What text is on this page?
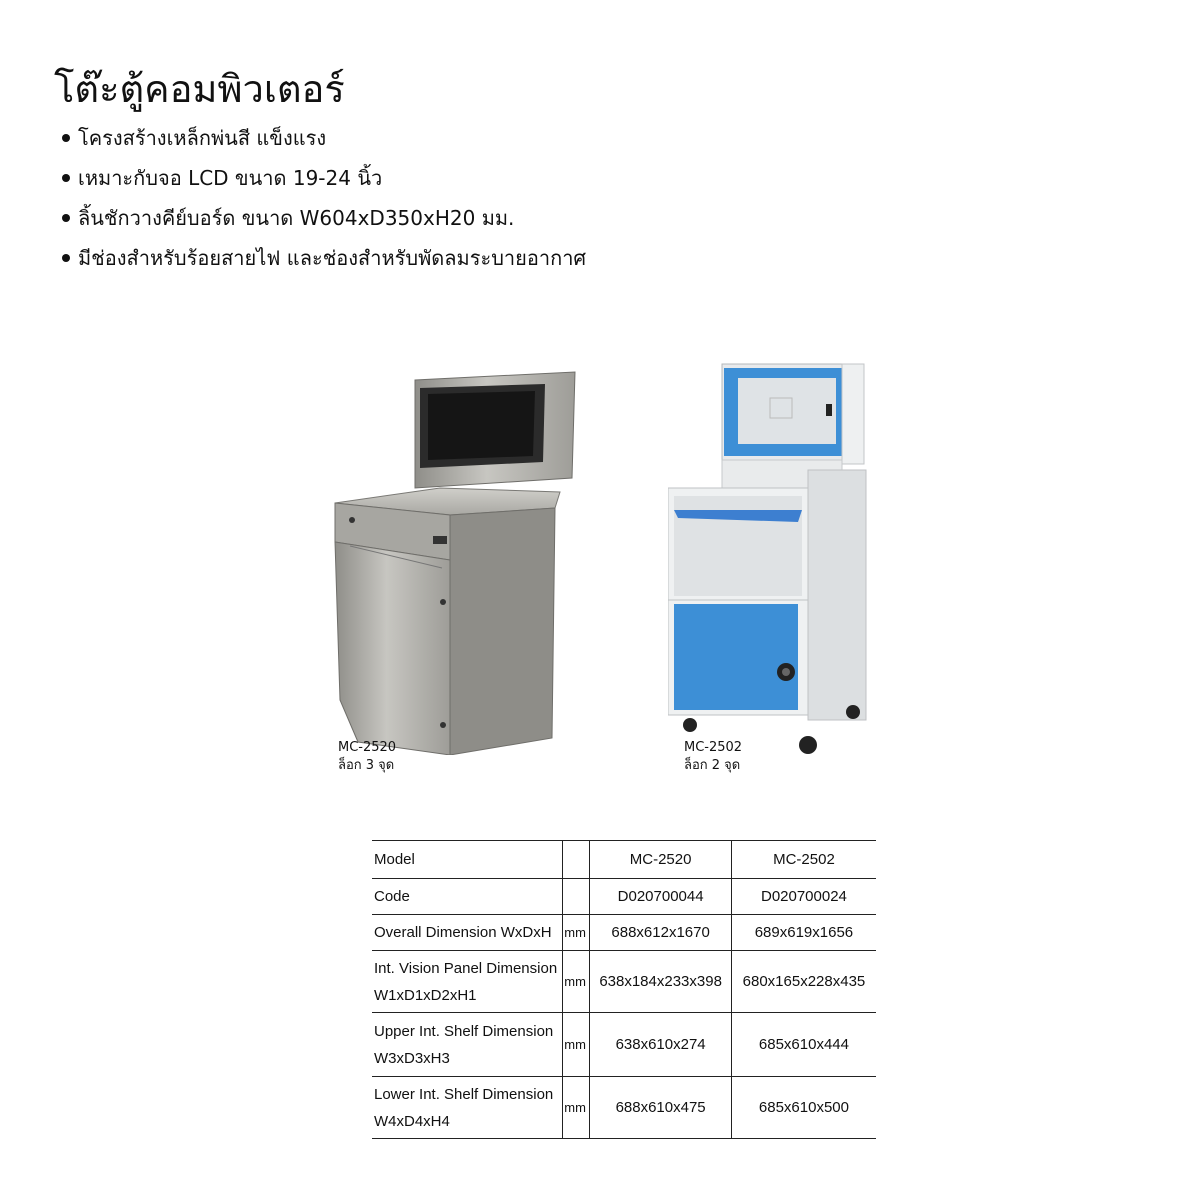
โต๊ะตู้คอมพิวเตอร์
โครงสร้างเหล็กพ่นสี แข็งแรง
เหมาะกับจอ LCD ขนาด 19-24 นิ้ว
ลิ้นชักวางคีย์บอร์ด ขนาด W604xD350xH20 มม.
มีช่องสำหรับร้อยสายไฟ และช่องสำหรับพัดลมระบายอากาศ
MC-2520
ล็อก 3 จุด
MC-2502
ล็อก 2 จุด
Model		MC-2520	MC-2502
Code		D020700044	D020700024
Overall Dimension WxDxH	mm	688x612x1670	689x619x1656

Int. Vision Panel Dimension
W1xD1xD2xH1	mm	638x184x233x398	680x165x228x435

Upper Int. Shelf Dimension
W3xD3xH3	mm	638x610x274	685x610x444

Lower Int. Shelf Dimension
W4xD4xH4	mm	688x610x475	685x610x500
